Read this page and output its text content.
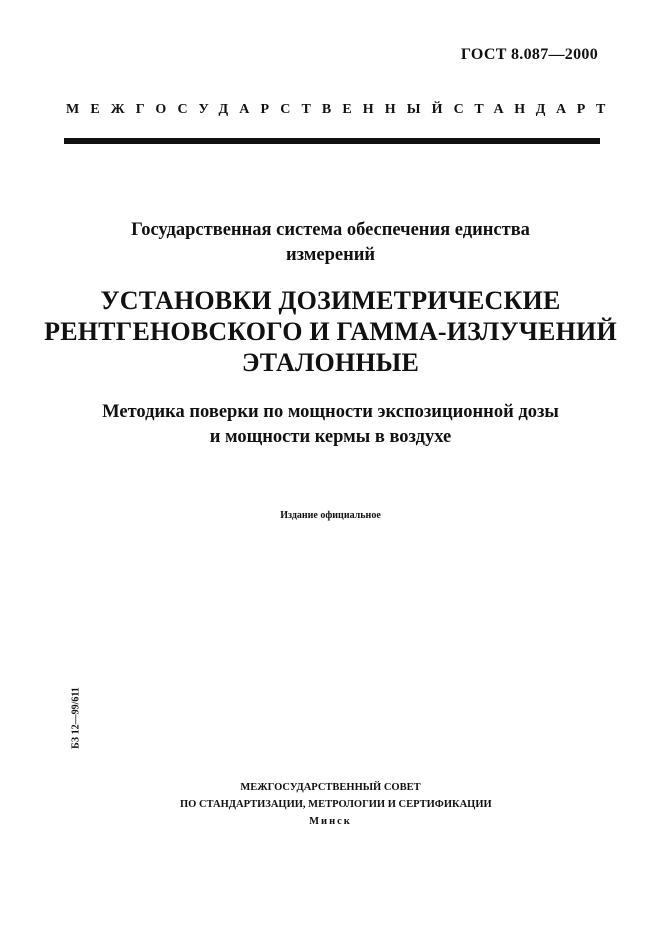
ГОСТ 8.087—2000
МЕЖГОСУДАРСТВЕННЫЙ СТАНДАРТ
Государственная система обеспечения единства
измерений
УСТАНОВКИ ДОЗИМЕТРИЧЕСКИЕ
РЕНТГЕНОВСКОГО И ГАММА-ИЗЛУЧЕНИЙ
ЭТАЛОННЫЕ
Методика поверки по мощности экспозиционной дозы
и мощности кермы в воздухе
Издание официальное
БЗ 12—99/611
МЕЖГОСУДАРСТВЕННЫЙ СОВЕТ
ПО СТАНДАРТИЗАЦИИ, МЕТРОЛОГИИ И СЕРТИФИКАЦИИ
Минск
